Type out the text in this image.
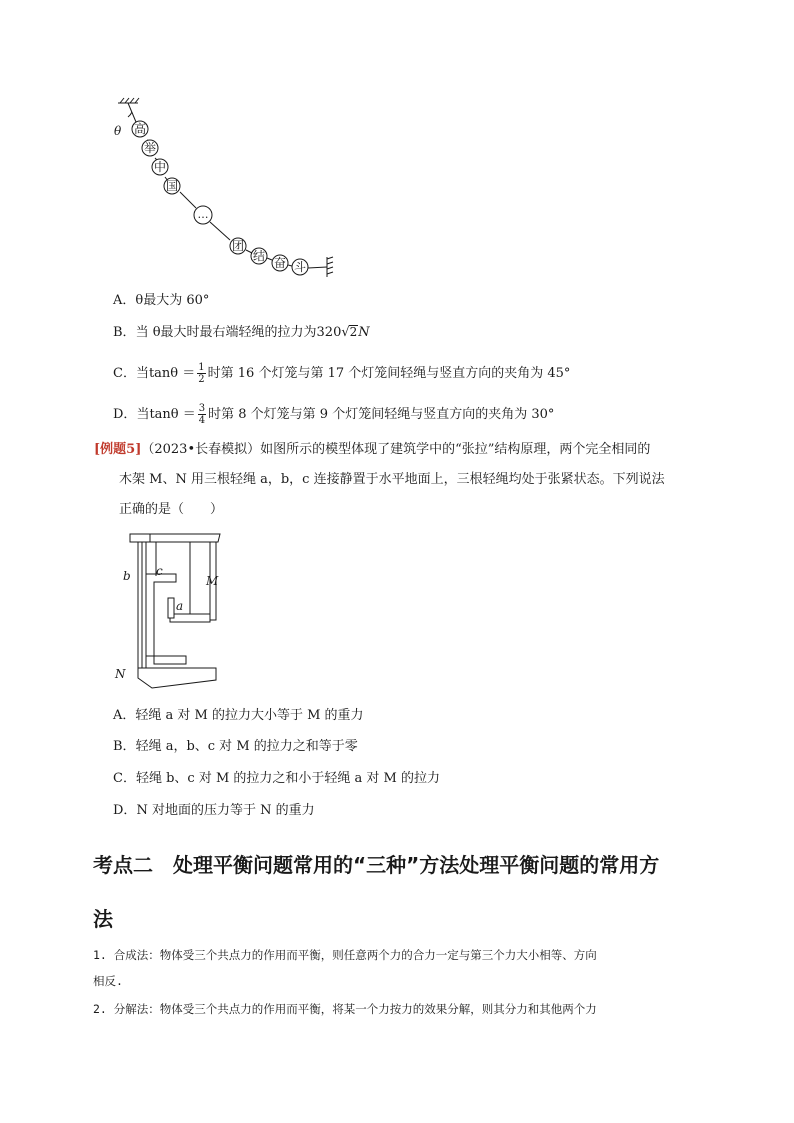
θ 高
举
中
国
…
团
结 奋 斗
A．θ最大为 60°
B．当 θ最大时最右端轻绳的拉力为320√2N
C．当$\tan\theta = \frac{1}{2}$ 时第 16 个灯笼与第 17 个灯笼间轻绳与竖直方向的夹角为 45°
D．当$\tan\theta = \frac{3}{4}$ 时第 8 个灯笼与第 9 个灯笼间轻绳与竖直方向的夹角为 30°
[例题5]（2023•长春模拟）如图所示的模型体现了建筑学中的“张拉”结构原理，两个完全相同的
木架 M、N 用三根轻绳 a，b，c 连接静置于水平地面上，三根轻绳均处于张紧状态。下列说法
正确的是（　　）
b c
a
M
N
A．轻绳 a 对 M 的拉力大小等于 M 的重力
B．轻绳 a，b、c 对 M 的拉力之和等于零
C．轻绳 b、c 对 M 的拉力之和小于轻绳 a 对 M 的拉力
D．N 对地面的压力等于 N 的重力
考点二　处理平衡问题常用的“三种”方法处理平衡问题的常用方
法
1. 合成法：物体受三个共点力的作用而平衡，则任意两个力的合力一定与第三个力大小相等、方向
相反.
2. 分解法：物体受三个共点力的作用而平衡，将某一个力按力的效果分解，则其分力和其他两个力
